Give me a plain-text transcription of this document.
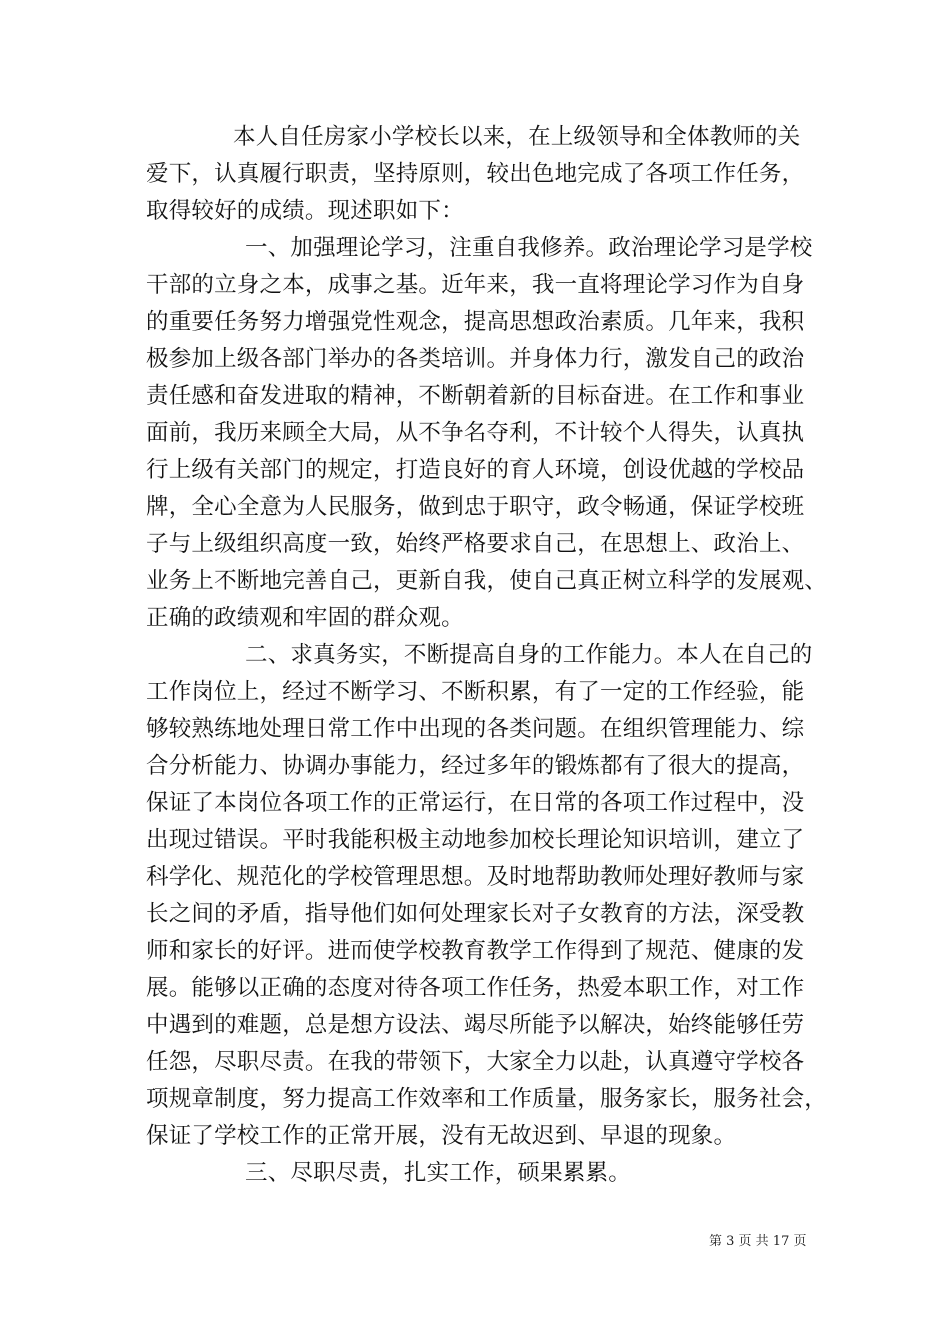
本人自任房家小学校长以来，在上级领导和全体教师的关
爱下，认真履行职责，坚持原则，较出色地完成了各项工作任务，
取得较好的成绩。现述职如下：
一、加强理论学习，注重自我修养。政治理论学习是学校
干部的立身之本，成事之基。近年来，我一直将理论学习作为自身
的重要任务努力增强党性观念，提高思想政治素质。几年来，我积
极参加上级各部门举办的各类培训。并身体力行，激发自己的政治
责任感和奋发进取的精神，不断朝着新的目标奋进。在工作和事业
面前，我历来顾全大局，从不争名夺利，不计较个人得失，认真执
行上级有关部门的规定，打造良好的育人环境，创设优越的学校品
牌，全心全意为人民服务，做到忠于职守，政令畅通，保证学校班
子与上级组织高度一致，始终严格要求自己，在思想上、政治上、
业务上不断地完善自己，更新自我，使自己真正树立科学的发展观、
正确的政绩观和牢固的群众观。
二、求真务实，不断提高自身的工作能力。本人在自己的
工作岗位上，经过不断学习、不断积累，有了一定的工作经验，能
够较熟练地处理日常工作中出现的各类问题。在组织管理能力、综
合分析能力、协调办事能力，经过多年的锻炼都有了很大的提高，
保证了本岗位各项工作的正常运行，在日常的各项工作过程中，没
出现过错误。平时我能积极主动地参加校长理论知识培训，建立了
科学化、规范化的学校管理思想。及时地帮助教师处理好教师与家
长之间的矛盾，指导他们如何处理家长对子女教育的方法，深受教
师和家长的好评。进而使学校教育教学工作得到了规范、健康的发
展。能够以正确的态度对待各项工作任务，热爱本职工作，对工作
中遇到的难题，总是想方设法、竭尽所能予以解决，始终能够任劳
任怨，尽职尽责。在我的带领下，大家全力以赴，认真遵守学校各
项规章制度，努力提高工作效率和工作质量，服务家长，服务社会，
保证了学校工作的正常开展，没有无故迟到、早退的现象。
三、尽职尽责，扎实工作，硕果累累。
第 3 页 共 17 页
